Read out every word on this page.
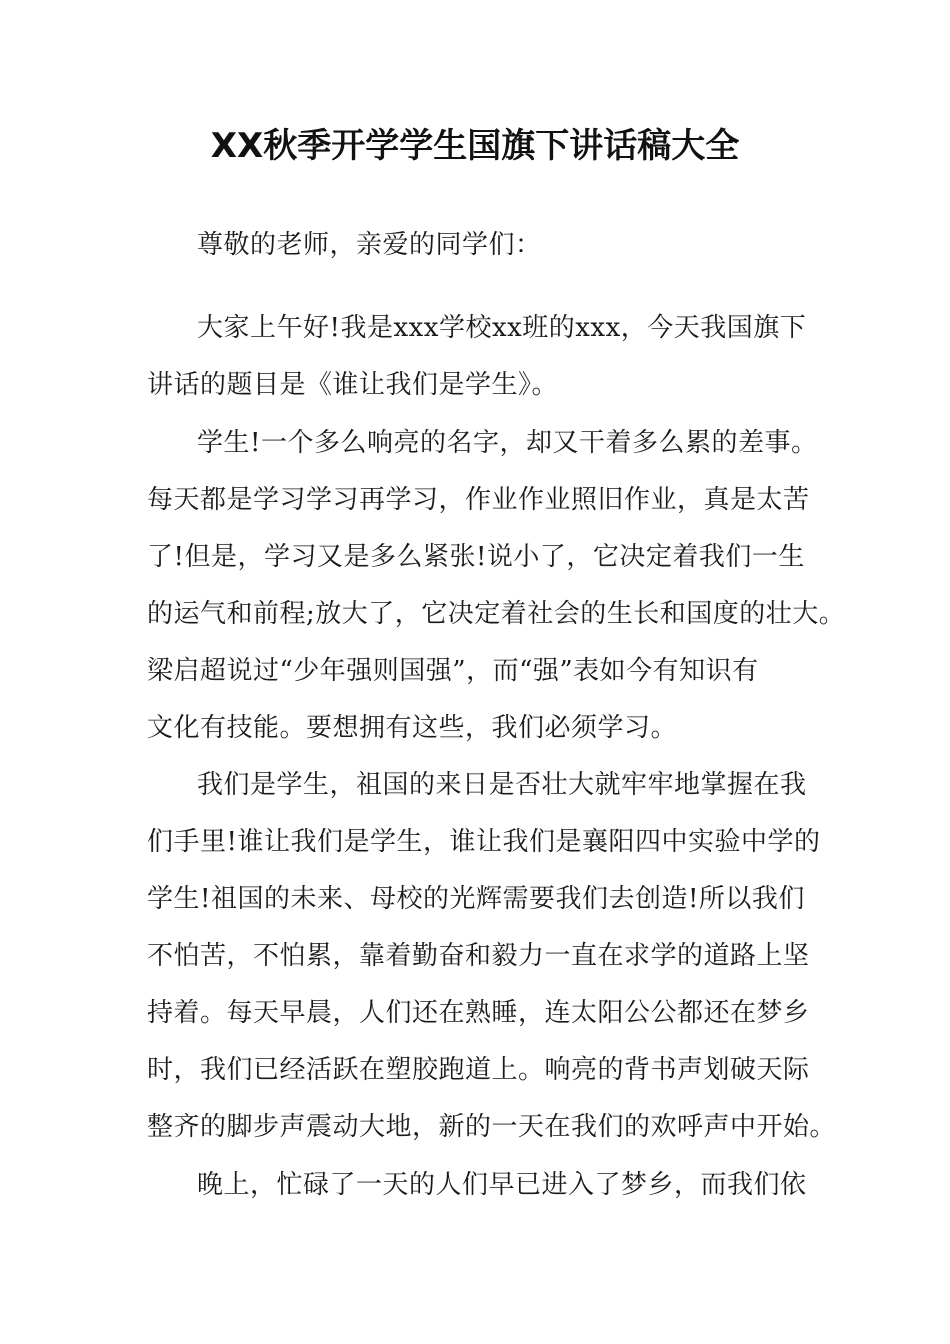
XX秋季开学学生国旗下讲话稿大全
尊敬的老师，亲爱的同学们：
大家上午好!我是xxx学校xx班的xxx，今天我国旗下
讲话的题目是《谁让我们是学生》。
学生!一个多么响亮的名字，却又干着多么累的差事。
每天都是学习学习再学习，作业作业照旧作业，真是太苦
了!但是，学习又是多么紧张!说小了，它决定着我们一生
的运气和前程;放大了，它决定着社会的生长和国度的壮大。
梁启超说过“少年强则国强”，而“强”表如今有知识有
文化有技能。要想拥有这些，我们必须学习。
我们是学生，祖国的来日是否壮大就牢牢地掌握在我
们手里!谁让我们是学生，谁让我们是襄阳四中实验中学的
学生!祖国的未来、母校的光辉需要我们去创造!所以我们
不怕苦，不怕累，靠着勤奋和毅力一直在求学的道路上坚
持着。每天早晨，人们还在熟睡，连太阳公公都还在梦乡
时，我们已经活跃在塑胶跑道上。响亮的背书声划破天际
整齐的脚步声震动大地，新的一天在我们的欢呼声中开始。
晚上，忙碌了一天的人们早已进入了梦乡，而我们依
